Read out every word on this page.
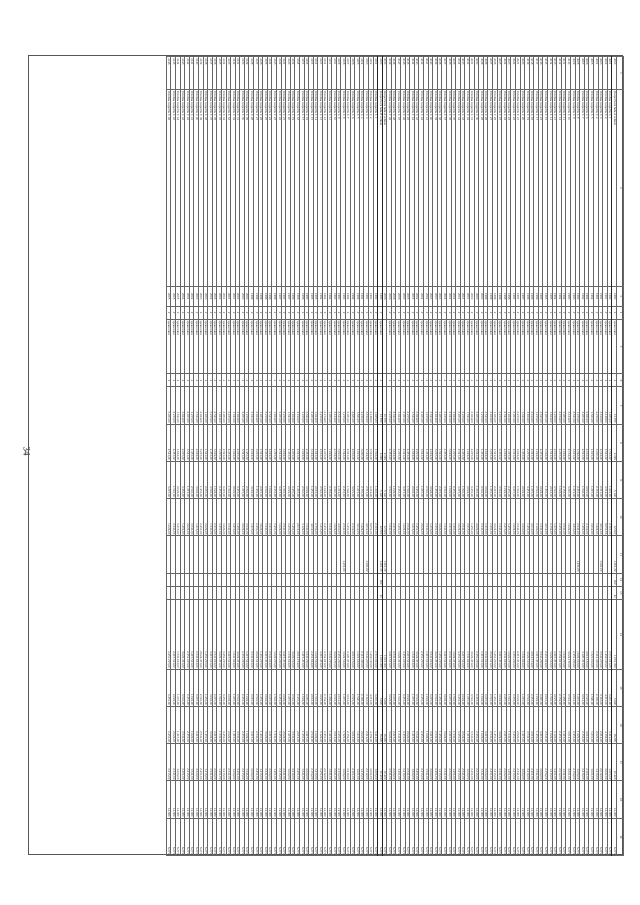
34
1	2	3	4	5	6	7	8	9	10	11	12	13	14	15	16	17	18	19
4000	Rozpočtová řada A celkem	1990	2	zpracování	4	13.870	2.346	5.140	12.500	1.001,30	200	41	1.001.300	5.820	16.280	10.400	14.380	6.271
4001	Položka rozpočtu č. 1	1990	2	zpracování	4	1.025,00	1.512,00	1.241,00	2.101,00				2.511.021,00	3.210,00	3.414,00	1.005,00	14.380	6.271
4002	Položka rozpočtu č. 2	1991	2	zpracování	4	2.146,00	3.541,00	3.314,00	6.051,00				1.452.110,00	4.311,00	4.152,00	3.021,00	14.380	6.271
4003	Položka rozpočtu č. 3	1991	2	zpracování	4	3.012,00	2.124,00	2.511,00	4.014,00	1.021,00			3.541.215,00	3.112,00	2.214,00	2.012,00	14.380	6.271
4004	Položka rozpočtu č. 4	1991	2	zpracování	4	4.210,00	3.210,00	2.151,00	1.224,00				2.112.410,00	2.102,00	2.021,00	1.215,00	14.380	6.271
4005	Položka rozpočtu č. 5	1992	2	zpracování	4	1.521,00	1.021,00	1.215,00	3.012,00				1.521.012,00	1.520,00	1.211,00	1.021,00	14.380	6.271
4006	Položka rozpočtu č. 6	1992	2	zpracování	4	2.021,00	4.012,00	3.021,00	2.112,00				2.012.152,00	2.521,00	3.012,00	2.101,00	14.380	6.271
4007	Položka rozpočtu č. 7	1992	2	zpracování	4	3.451,00	2.541,00	1.542,00	1.451,00				3.120.451,00	3.014,00	2.154,00	3.210,00	14.380	6.271
4008	Položka rozpočtu č. 8	1993	2	zpracování	4	1.215,00	1.542,00	2.451,00	2.541,00	1.451,00			1.024.512,00	1.215,00	1.521,00	1.024,00	14.380	6.271
4009	Položka rozpočtu č. 9	1993	2	zpracování	4	2.541,00	3.021,00	1.214,00	4.210,00				2.451.210,00	2.014,00	2.451,00	2.154,00	14.380	6.271
4010	Položka rozpočtu č. 10	1993	2	zpracování	4	3.124,00	2.154,00	3.210,00	1.024,00				3.024.150,00	3.541,00	3.012,00	3.021,00	14.380	6.271
4011	Položka rozpočtu č. 11	1994	2	zpracování	4	1.451,00	1.024,00	2.154,00	3.541,00				1.541.215,00	1.452,00	1.215,00	1.541,00	14.380	6.271
4012	Položka rozpočtu č. 12	1994	2	zpracování	4	2.154,00	4.215,00	1.024,00	2.451,00				2.154.021,00	2.154,00	2.451,00	2.012,00	14.380	6.271
4013	Položka rozpočtu č. 13	1994	2	zpracování	4	3.210,00	2.012,00	3.541,00	1.215,00				3.210.451,00	3.021,00	3.124,00	3.451,00	14.380	6.271
4014	Položka rozpočtu č. 14	1995	2	zpracování	4	1.024,00	1.541,00	2.012,00	2.154,00				1.024.512,00	1.541,00	1.024,00	1.215,00	14.380	6.271
4015	Položka rozpočtu č. 15	1995	2	zpracování	4	2.451,00	3.124,00	1.451,00	4.012,00				2.451.024,00	2.012,00	2.541,00	2.154,00	14.380	6.271
4016	Položka rozpočtu č. 16	1995	2	zpracování	4	3.541,00	2.451,00	3.024,00	1.541,00				3.541.210,00	3.210,00	3.215,00	3.024,00	14.380	6.271
4017	Položka rozpočtu č. 17	1996	2	zpracování	4	1.215,00	1.024,00	2.541,00	3.124,00				1.215.451,00	1.024,00	1.451,00	1.541,00	14.380	6.271
4018	Položka rozpočtu č. 18	1996	2	zpracování	4	2.012,00	4.541,00	1.215,00	2.012,00				2.012.154,00	2.451,00	2.012,00	2.451,00	14.380	6.271
4019	Položka rozpočtu č. 19	1996	2	zpracování	4	3.024,00	2.215,00	3.451,00	1.451,00				3.024.512,00	3.541,00	3.541,00	3.210,00	14.380	6.271
4020	Položka rozpočtu č. 20	1997	2	zpracování	4	1.541,00	1.451,00	2.024,00	3.210,00				1.541.024,00	1.215,00	1.215,00	1.024,00	14.380	6.271
4021	Položka rozpočtu č. 21	1997	2	zpracování	4	2.215,00	3.024,00	1.541,00	2.541,00				2.215.451,00	2.024,00	2.024,00	2.541,00	14.380	6.271
4022	Položka rozpočtu č. 22	1997	2	zpracování	4	3.451,00	2.541,00	3.215,00	1.024,00				3.451.210,00	3.451,00	3.451,00	3.215,00	14.380	6.271
4023	Položka rozpočtu č. 23	1998	2	zpracování	4	1.024,00	1.215,00	2.451,00	3.451,00				1.024.215,00	1.541,00	1.541,00	1.451,00	14.380	6.271
4024	Položka rozpočtu č. 24	1998	2	zpracování	4	2.541,00	4.024,00	1.024,00	2.215,00				2.541.024,00	2.215,00	2.215,00	2.024,00	14.380	6.271
4025	Položka rozpočtu č. 25	1998	2	zpracování	4	3.215,00	2.451,00	3.541,00	1.541,00				3.215.451,00	3.024,00	3.024,00	3.541,00	14.380	6.271
4026	Položka rozpočtu č. 26	1999	2	zpracování	4	1.451,00	1.541,00	2.215,00	3.024,00				1.451.215,00	1.451,00	1.451,00	1.215,00	14.380	6.271
4027	Položka rozpočtu č. 27	1999	2	zpracování	4	2.024,00	3.215,00	1.451,00	2.451,00				2.024.541,00	2.541,00	2.541,00	2.451,00	14.380	6.271
4028	Položka rozpočtu č. 28	1999	2	zpracování	4	3.541,00	2.024,00	3.024,00	1.215,00				3.541.024,00	3.215,00	3.215,00	3.024,00	14.380	6.271
4029	Položka rozpočtu č. 29	2000	2	zpracování	4	1.215,00	1.451,00	2.541,00	3.541,00				1.215.541,00	1.024,00	1.024,00	1.541,00	14.380	6.271
4030	Položka rozpočtu č. 30	2000	2	zpracování	4	2.451,00	3.541,00	1.215,00	2.024,00				2.451.215,00	2.451,00	2.451,00	2.215,00	14.380	6.271
4031	Položka rozpočtu č. 31	2000	2	zpracování	4	3.024,00	2.215,00	3.451,00	1.451,00				3.024.451,00	3.541,00	3.541,00	3.451,00	14.380	6.271
4032	Položka rozpočtu č. 32	2001	2	zpracování	4	1.541,00	1.024,00	2.024,00	3.215,00				1.541.024,00	1.215,00	1.215,00	1.024,00	14.380	6.271
4033	Položka rozpočtu č. 33	2001	2	zpracování	4	2.215,00	4.451,00	1.541,00	2.541,00				2.215.541,00	2.024,00	2.024,00	2.541,00	14.380	6.271
4034	Položka rozpočtu č. 34	2001	2	zpracování	4	3.451,00	2.541,00	3.215,00	1.024,00				3.451.215,00	3.451,00	3.451,00	3.215,00	14.380	6.271
4035	Položka rozpočtu č. 35	2002	2	zpracování	4	1.024,00	1.215,00	2.451,00	3.451,00				1.024.451,00	1.541,00	1.541,00	1.451,00	14.380	6.271
4036	Položka rozpočtu č. 36	2002	2	zpracování	4	2.541,00	3.024,00	1.024,00	2.215,00				2.541.024,00	2.215,00	2.215,00	2.024,00	14.380	6.271
4037	Položka rozpočtu č. 37	2002	2	zpracování	4	3.215,00	2.451,00	3.541,00	1.541,00				3.215.541,00	3.024,00	3.024,00	3.541,00	14.380	6.271
4038	Položka rozpočtu č. 38	2003	2	zpracování	4	1.451,00	1.541,00	2.215,00	3.024,00				1.451.215,00	1.451,00	1.451,00	1.215,00	14.380	6.271
4039	Položka rozpočtu č. 39	2003	2	zpracování	4	2.024,00	3.215,00	1.451,00	2.451,00				2.024.451,00	2.541,00	2.541,00	2.451,00	14.380	6.271
4040	Položka rozpočtu č. 40	2003	2	zpracování	4	3.541,00	2.024,00	3.024,00	1.215,00				3.541.024,00	3.215,00	3.215,00	3.024,00	14.380	6.271
4041	Položka rozpočtu č. 41	2004	2	zpracování	4	1.215,00	1.451,00	2.541,00	3.541,00				1.215.541,00	1.024,00	1.024,00	1.541,00	14.380	6.271
4042	Položka rozpočtu č. 42	2004	2	zpracování	4	2.451,00	3.541,00	1.215,00	2.024,00				2.451.215,00	2.451,00	2.451,00	2.215,00	14.380	6.271
4043	Položka rozpočtu č. 43	2004	2	zpracování	4	3.024,00	2.215,00	3.451,00	1.451,00				3.024.451,00	3.541,00	3.541,00	3.451,00	14.380	6.271
4044	Položka rozpočtu č. 44	2005	2	zpracování	4	1.541,00	1.024,00	2.024,00	3.215,00				1.541.024,00	1.215,00	1.215,00	1.024,00	14.380	6.271
4045	Položka rozpočtu č. 45	2005	2	zpracování	4	2.215,00	4.451,00	1.541,00	2.541,00				2.215.541,00	2.024,00	2.024,00	2.541,00	14.380	6.271
4046	Položka rozpočtu č. 46	2005	2	zpracování	4	3.451,00	2.541,00	3.215,00	1.024,00				3.451.215,00	3.451,00	3.451,00	3.215,00	14.380	6.271
4047	Položka rozpočtu č. 47	2006	2	zpracování	4	1.024,00	1.215,00	2.451,00	3.451,00				1.024.451,00	1.541,00	1.541,00	1.451,00	14.380	6.271
4048	Položka rozpočtu č. 48	2006	2	zpracování	4	2.541,00	3.024,00	1.024,00	2.215,00				2.541.024,00	2.215,00	2.215,00	2.024,00	14.380	6.271
4049	Položka rozpočtu č. 49	2006	2	zpracování	4	3.215,00	2.451,00	3.541,00	1.541,00				3.215.541,00	3.024,00	3.024,00	3.541,00	14.380	6.271
4050	Rozpočtová řada A celkem	2006				10.870	2.346	5.140	12.500	1.001,30			1.001.300	5.820	16.280	10.400	14.380	6.271
4100	Rozpočtová řada B celkem	1990	2	zpracování	4	13.870	2.346	5.140	12.500	1.001,30	200	41	1.001.300	5.820	16.280	10.400	14.380	6.271
4101	Položka rozpočtu č. 1	1990	2	zpracování	4	1.025,00	1.512,00	1.241,00	2.101,00				2.511.021,00	3.210,00	3.414,00	1.005,00	14.380	6.271
4102	Položka rozpočtu č. 2	1991	2	zpracování	4	2.146,00	3.541,00	3.314,00	6.051,00				1.452.110,00	4.311,00	4.152,00	3.021,00	14.380	6.271
4103	Položka rozpočtu č. 3	1991	2	zpracování	4	3.012,00	2.124,00	2.511,00	4.014,00	1.021,00			3.541.215,00	3.112,00	2.214,00	2.012,00	14.380	6.271
4104	Položka rozpočtu č. 4	1991	2	zpracování	4	4.210,00	3.210,00	2.151,00	1.224,00				2.112.410,00	2.102,00	2.021,00	1.215,00	14.380	6.271
4105	Položka rozpočtu č. 5	1992	2	zpracování	4	1.521,00	1.021,00	1.215,00	3.012,00				1.521.012,00	1.520,00	1.211,00	1.021,00	14.380	6.271
4106	Položka rozpočtu č. 6	1992	2	zpracování	4	2.021,00	4.012,00	3.021,00	2.112,00				2.012.152,00	2.521,00	3.012,00	2.101,00	14.380	6.271
4107	Položka rozpočtu č. 7	1992	2	zpracování	4	3.451,00	2.541,00	1.542,00	1.451,00				3.120.451,00	3.014,00	2.154,00	3.210,00	14.380	6.271
4108	Položka rozpočtu č. 8	1993	2	zpracování	4	1.215,00	1.542,00	2.451,00	2.541,00	1.451,00			1.024.512,00	1.215,00	1.521,00	1.024,00	14.380	6.271
4109	Položka rozpočtu č. 9	1993	2	zpracování	4	2.541,00	3.021,00	1.214,00	4.210,00				2.451.210,00	2.014,00	2.451,00	2.154,00	14.380	6.271
4110	Položka rozpočtu č. 10	1993	2	zpracování	4	3.124,00	2.154,00	3.210,00	1.024,00				3.024.150,00	3.541,00	3.012,00	3.021,00	14.380	6.271
4111	Položka rozpočtu č. 11	1994	2	zpracování	4	1.451,00	1.024,00	2.154,00	3.541,00				1.541.215,00	1.452,00	1.215,00	1.541,00	14.380	6.271
4112	Položka rozpočtu č. 12	1994	2	zpracování	4	2.154,00	4.215,00	1.024,00	2.451,00				2.154.021,00	2.154,00	2.451,00	2.012,00	14.380	6.271
4113	Položka rozpočtu č. 13	1994	2	zpracování	4	3.210,00	2.012,00	3.541,00	1.215,00				3.210.451,00	3.021,00	3.124,00	3.451,00	14.380	6.271
4114	Položka rozpočtu č. 14	1995	2	zpracování	4	1.024,00	1.541,00	2.012,00	2.154,00				1.024.512,00	1.541,00	1.024,00	1.215,00	14.380	6.271
4115	Položka rozpočtu č. 15	1995	2	zpracování	4	2.451,00	3.124,00	1.451,00	4.012,00				2.451.024,00	2.012,00	2.541,00	2.154,00	14.380	6.271
4116	Položka rozpočtu č. 16	1995	2	zpracování	4	3.541,00	2.451,00	3.024,00	1.541,00				3.541.210,00	3.210,00	3.215,00	3.024,00	14.380	6.271
4117	Položka rozpočtu č. 17	1996	2	zpracování	4	1.215,00	1.024,00	2.541,00	3.124,00				1.215.451,00	1.024,00	1.451,00	1.541,00	14.380	6.271
4118	Položka rozpočtu č. 18	1996	2	zpracování	4	2.012,00	4.541,00	1.215,00	2.012,00				2.012.154,00	2.451,00	2.012,00	2.451,00	14.380	6.271
4119	Položka rozpočtu č. 19	1996	2	zpracování	4	3.024,00	2.215,00	3.451,00	1.451,00				3.024.512,00	3.541,00	3.541,00	3.210,00	14.380	6.271
4120	Položka rozpočtu č. 20	1997	2	zpracování	4	1.541,00	1.451,00	2.024,00	3.210,00				1.541.024,00	1.215,00	1.215,00	1.024,00	14.380	6.271
4121	Položka rozpočtu č. 21	1997	2	zpracování	4	2.215,00	3.024,00	1.541,00	2.541,00				2.215.451,00	2.024,00	2.024,00	2.541,00	14.380	6.271
4122	Položka rozpočtu č. 22	1997	2	zpracování	4	3.451,00	2.541,00	3.215,00	1.024,00				3.451.210,00	3.451,00	3.451,00	3.215,00	14.380	6.271
4123	Položka rozpočtu č. 23	1998	2	zpracování	4	1.024,00	1.215,00	2.451,00	3.451,00				1.024.215,00	1.541,00	1.541,00	1.451,00	14.380	6.271
4124	Položka rozpočtu č. 24	1998	2	zpracování	4	2.541,00	4.024,00	1.024,00	2.215,00				2.541.024,00	2.215,00	2.215,00	2.024,00	14.380	6.271
4125	Položka rozpočtu č. 25	1998	2	zpracování	4	3.215,00	2.451,00	3.541,00	1.541,00				3.215.451,00	3.024,00	3.024,00	3.541,00	14.380	6.271
4126	Položka rozpočtu č. 26	1999	2	zpracování	4	1.451,00	1.541,00	2.215,00	3.024,00				1.451.215,00	1.451,00	1.451,00	1.215,00	14.380	6.271
4127	Položka rozpočtu č. 27	1999	2	zpracování	4	2.024,00	3.215,00	1.451,00	2.451,00				2.024.541,00	2.541,00	2.541,00	2.451,00	14.380	6.271
4128	Položka rozpočtu č. 28	1999	2	zpracování	4	3.541,00	2.024,00	3.024,00	1.215,00				3.541.024,00	3.215,00	3.215,00	3.024,00	14.380	6.271
4129	Položka rozpočtu č. 29	2000	2	zpracování	4	1.215,00	1.451,00	2.541,00	3.541,00				1.215.541,00	1.024,00	1.024,00	1.541,00	14.380	6.271
4130	Položka rozpočtu č. 30	2000	2	zpracování	4	2.451,00	3.541,00	1.215,00	2.024,00				2.451.215,00	2.451,00	2.451,00	2.215,00	14.380	6.271
4131	Položka rozpočtu č. 31	2000	2	zpracování	4	3.024,00	2.215,00	3.451,00	1.451,00				3.024.451,00	3.541,00	3.541,00	3.451,00	14.380	6.271
4132	Položka rozpočtu č. 32	2001	2	zpracování	4	1.541,00	1.024,00	2.024,00	3.215,00				1.541.024,00	1.215,00	1.215,00	1.024,00	14.380	6.271
4133	Položka rozpočtu č. 33	2001	2	zpracování	4	2.215,00	4.451,00	1.541,00	2.541,00				2.215.541,00	2.024,00	2.024,00	2.541,00	14.380	6.271
4134	Položka rozpočtu č. 34	2001	2	zpracování	4	3.451,00	2.541,00	3.215,00	1.024,00				3.451.215,00	3.451,00	3.451,00	3.215,00	14.380	6.271
4135	Položka rozpočtu č. 35	2002	2	zpracování	4	1.024,00	1.215,00	2.451,00	3.451,00				1.024.451,00	1.541,00	1.541,00	1.451,00	14.380	6.271
4136	Položka rozpočtu č. 36	2002	2	zpracování	4	2.541,00	3.024,00	1.024,00	2.215,00				2.541.024,00	2.215,00	2.215,00	2.024,00	14.380	6.271
4137	Položka rozpočtu č. 37	2002	2	zpracování	4	3.215,00	2.451,00	3.541,00	1.541,00				3.215.541,00	3.024,00	3.024,00	3.541,00	14.380	6.271
4138	Položka rozpočtu č. 38	2003	2	zpracování	4	1.451,00	1.541,00	2.215,00	3.024,00				1.451.215,00	1.451,00	1.451,00	1.215,00	14.380	6.271
4139	Položka rozpočtu č. 39	2003	2	zpracování	4	2.024,00	3.215,00	1.451,00	2.451,00				2.024.451,00	2.541,00	2.541,00	2.451,00	14.380	6.271
4140	Položka rozpočtu č. 40	2003	2	zpracování	4	3.541,00	2.024,00	3.024,00	1.215,00				3.541.024,00	3.215,00	3.215,00	3.024,00	14.380	6.271
4141	Položka rozpočtu č. 41	2004	2	zpracování	4	1.215,00	1.451,00	2.541,00	3.541,00				1.215.541,00	1.024,00	1.024,00	1.541,00	14.380	6.271
4142	Položka rozpočtu č. 42	2004	2	zpracování	4	2.451,00	3.541,00	1.215,00	2.024,00				2.451.215,00	2.451,00	2.451,00	2.215,00	14.380	6.271
4143	Položka rozpočtu č. 43	2004	2	zpracování	4	3.024,00	2.215,00	3.451,00	1.451,00				3.024.451,00	3.541,00	3.541,00	3.451,00	14.380	6.271
4144	Položka rozpočtu č. 44	2005	2	zpracování	4	1.541,00	1.024,00	2.024,00	3.215,00				1.541.024,00	1.215,00	1.215,00	1.024,00	14.380	6.271
4145	Položka rozpočtu č. 45	2005	2	zpracování	4	2.215,00	4.451,00	1.541,00	2.541,00				2.215.541,00	2.024,00	2.024,00	2.541,00	14.380	6.271
4146	Položka rozpočtu č. 46	2005	2	zpracování	4	3.451,00	2.541,00	3.215,00	1.024,00				3.451.215,00	3.451,00	3.451,00	3.215,00	14.380	6.271
